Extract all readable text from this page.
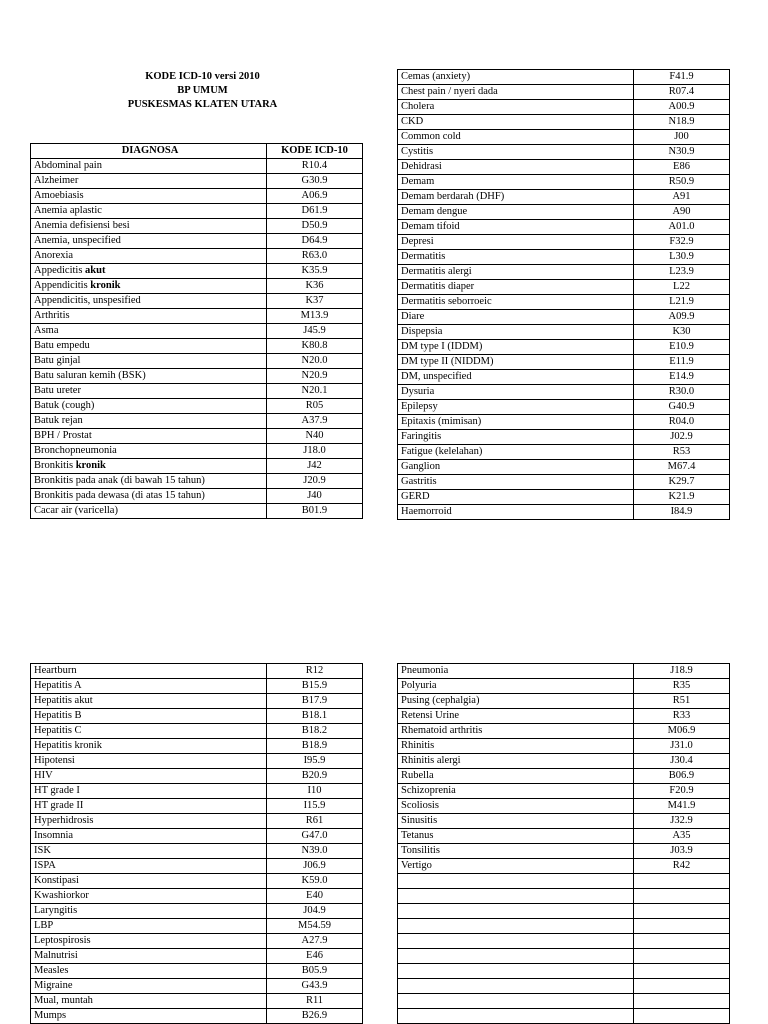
KODE ICD-10 versi 2010
BP UMUM
PUSKESMAS KLATEN UTARA
DIAGNOSA	KODE ICD-10
Abdominal pain	R10.4
Alzheimer	G30.9
Amoebiasis	A06.9
Anemia aplastic	D61.9
Anemia defisiensi besi	D50.9
Anemia, unspecified	D64.9
Anorexia	R63.0
Appedicitis akut	K35.9
Appendicitis kronik	K36
Appendicitis, unspesified	K37
Arthritis	M13.9
Asma	J45.9
Batu empedu	K80.8
Batu ginjal	N20.0
Batu saluran kemih (BSK)	N20.9
Batu ureter	N20.1
Batuk (cough)	R05
Batuk rejan	A37.9
BPH / Prostat	N40
Bronchopneumonia	J18.0
Bronkitis kronik	J42
Bronkitis pada anak (di bawah 15 tahun)	J20.9
Bronkitis pada dewasa (di atas 15 tahun)	J40
Cacar air (varicella)	B01.9
Cemas (anxiety)	F41.9
Chest pain / nyeri dada	R07.4
Cholera	A00.9
CKD	N18.9
Common cold	J00
Cystitis	N30.9
Dehidrasi	E86
Demam	R50.9
Demam berdarah (DHF)	A91
Demam dengue	A90
Demam tifoid	A01.0
Depresi	F32.9
Dermatitis	L30.9
Dermatitis alergi	L23.9
Dermatitis diaper	L22
Dermatitis seborroeic	L21.9
Diare	A09.9
Dispepsia	K30
DM type I (IDDM)	E10.9
DM type II (NIDDM)	E11.9
DM, unspecified	E14.9
Dysuria	R30.0
Epilepsy	G40.9
Epitaxis (mimisan)	R04.0
Faringitis	J02.9
Fatigue (kelelahan)	R53
Ganglion	M67.4
Gastritis	K29.7
GERD	K21.9
Haemorroid	I84.9
Heartburn	R12
Hepatitis A	B15.9
Hepatitis akut	B17.9
Hepatitis B	B18.1
Hepatitis C	B18.2
Hepatitis kronik	B18.9
Hipotensi	I95.9
HIV	B20.9
HT grade I	I10
HT grade II	I15.9
Hyperhidrosis	R61
Insomnia	G47.0
ISK	N39.0
ISPA	J06.9
Konstipasi	K59.0
Kwashiorkor	E40
Laryngitis	J04.9
LBP	M54.59
Leptospirosis	A27.9
Malnutrisi	E46
Measles	B05.9
Migraine	G43.9
Mual, muntah	R11
Mumps	B26.9
Pneumonia	J18.9
Polyuria	R35
Pusing (cephalgia)	R51
Retensi Urine	R33
Rhematoid arthritis	M06.9
Rhinitis	J31.0
Rhinitis alergi	J30.4
Rubella	B06.9
Schizoprenia	F20.9
Scoliosis	M41.9
Sinusitis	J32.9
Tetanus	A35
Tonsilitis	J03.9
Vertigo	R42
